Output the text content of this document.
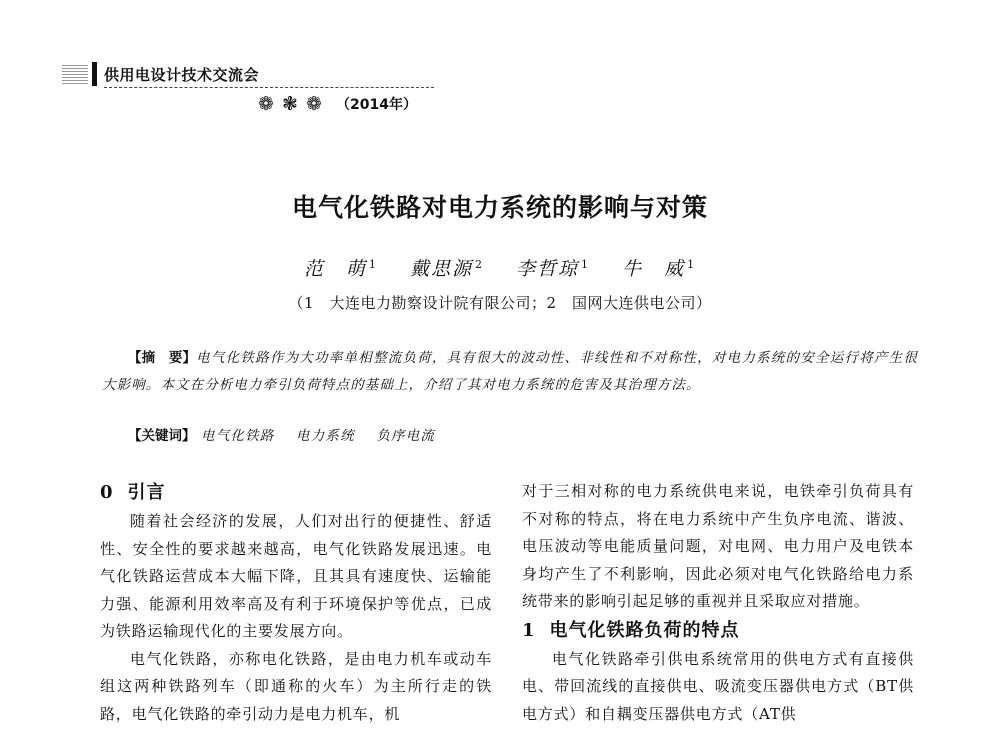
供用电设计技术交流会
❁ ❃ ❁ （2014年）
电气化铁路对电力系统的影响与对策
范　萌 $^1$ 戴思源 $^2$ 李哲琼 $^1$ 牛　威 $^1$
（1　大连电力勘察设计院有限公司；2　国网大连供电公司）
【摘　要】电气化铁路作为大功率单相整流负荷，具有很大的波动性、非线性和不对称性，对电力系统的安全运行将产生很大影响。本文在分析电力牵引负荷特点的基础上，介绍了其对电力系统的危害及其治理方法。
【关键词】 电气化铁路 电力系统 负序电流
0 引言

随着社会经济的发展，人们对出行的便捷性、舒适性、安全性的要求越来越高，电气化铁路发展迅速。电气化铁路运营成本大幅下降，且其具有速度快、运输能力强、能源利用效率高及有利于环境保护等优点，已成为铁路运输现代化的主要发展方向。

电气化铁路，亦称电化铁路，是由电力机车或动车组这两种铁路列车（即通称的火车）为主所行走的铁路，电气化铁路的牵引动力是电力机车，机

对于三相对称的电力系统供电来说，电铁牵引负荷具有不对称的特点，将在电力系统中产生负序电流、谐波、电压波动等电能质量问题，对电网、电力用户及电铁本身均产生了不利影响，因此必须对电气化铁路给电力系统带来的影响引起足够的重视并且采取应对措施。

1 电气化铁路负荷的特点

电气化铁路牵引供电系统常用的供电方式有直接供电、带回流线的直接供电、吸流变压器供电方式（BT供电方式）和自耦变压器供电方式（AT供
